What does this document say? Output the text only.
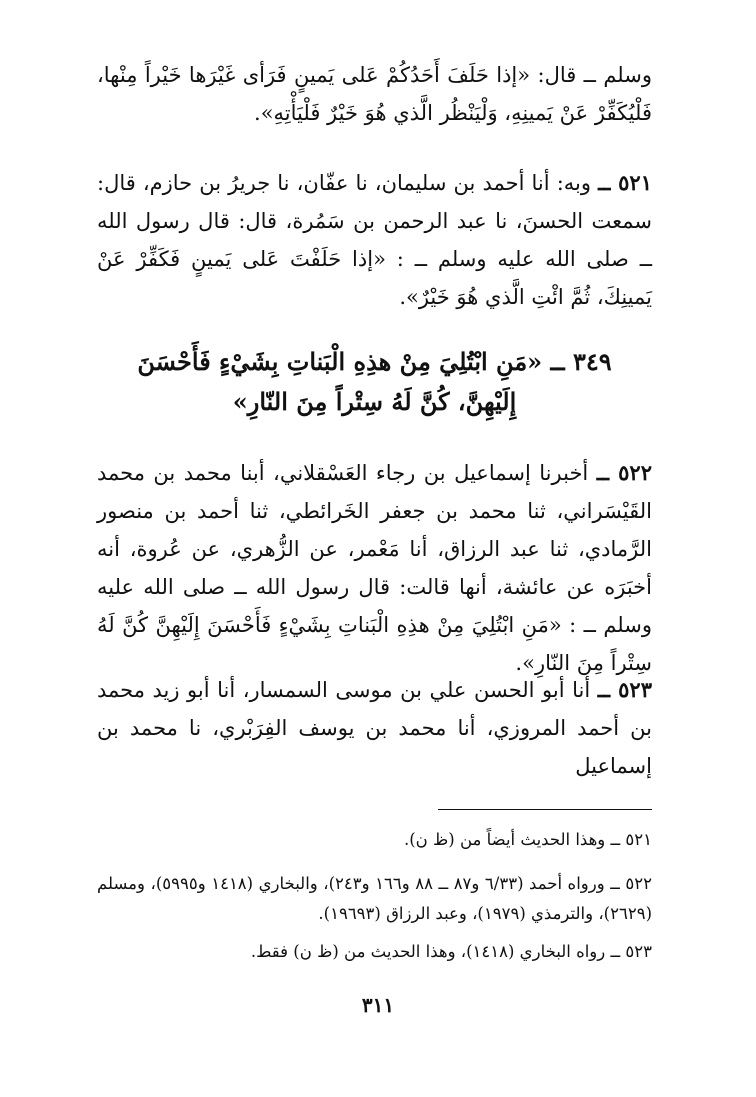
وسلم ــ قال: «إذا حَلَفَ أَحَدُكُمْ عَلى يَمينٍ فَرَأى غَيْرَها خَيْراً مِنْها، فَلْيُكَفِّرْ عَنْ يَمينِهِ، وَلْيَنْظُر الَّذي هُوَ خَيْرٌ فَلْيَأْتِهِ».

٥٢١ ــ وبه: أنا أحمد بن سليمان، نا عفّان، نا جريرُ بن حازم، قال: سمعت الحسنَ، نا عبد الرحمن بن سَمُرة، قال: قال رسول الله ــ صلى الله عليه وسلم ــ : «إذا حَلَفْتَ عَلى يَمينٍ فَكَفِّرْ عَنْ يَمينِكَ، ثُمَّ ائْتِ الَّذي هُوَ خَيْرٌ».

٣٤٩ ــ «مَنِ ابْتُلِيَ مِنْ هذِهِ الْبَناتِ بِشَيْءٍ فَأَحْسَنَ
إِلَيْهِنَّ، كُنَّ لَهُ سِتْراً مِنَ النّارِ»

٥٢٢ ــ أخبرنا إسماعيل بن رجاء العَسْقلاني، أبنا محمد بن محمد القَيْسَراني، ثنا محمد بن جعفر الخَرائطي، ثنا أحمد بن منصور الرَّمادي، ثنا عبد الرزاق، أنا مَعْمر، عن الزُّهري، عن عُروة، أنه أخبَرَه عن عائشة، أنها قالت: قال رسول الله ــ صلى الله عليه وسلم ــ : «مَنِ ابْتُلِيَ مِنْ هذِهِ الْبَناتِ بِشَيْءٍ فَأَحْسَنَ إِلَيْهِنَّ كُنَّ لَهُ سِتْراً مِنَ النّارِ».

٥٢٣ ــ أنا أبو الحسن علي بن موسى السمسار، أنا أبو زيد محمد بن أحمد المروزي، أنا محمد بن يوسف الفِرَبْري، نا محمد بن إسماعيل

٥٢١ ــ وهذا الحديث أيضاً من (ظ ن).

٥٢٢ ــ ورواه أحمد (٦/٣٣ و٨٧ ــ ٨٨ و١٦٦ و٢٤٣)، والبخاري (١٤١٨ و٥٩٩٥)، ومسلم (٢٦٢٩)، والترمذي (١٩٧٩)، وعبد الرزاق (١٩٦٩٣).

٥٢٣ ــ رواه البخاري (١٤١٨)، وهذا الحديث من (ظ ن) فقط.

٣١١
